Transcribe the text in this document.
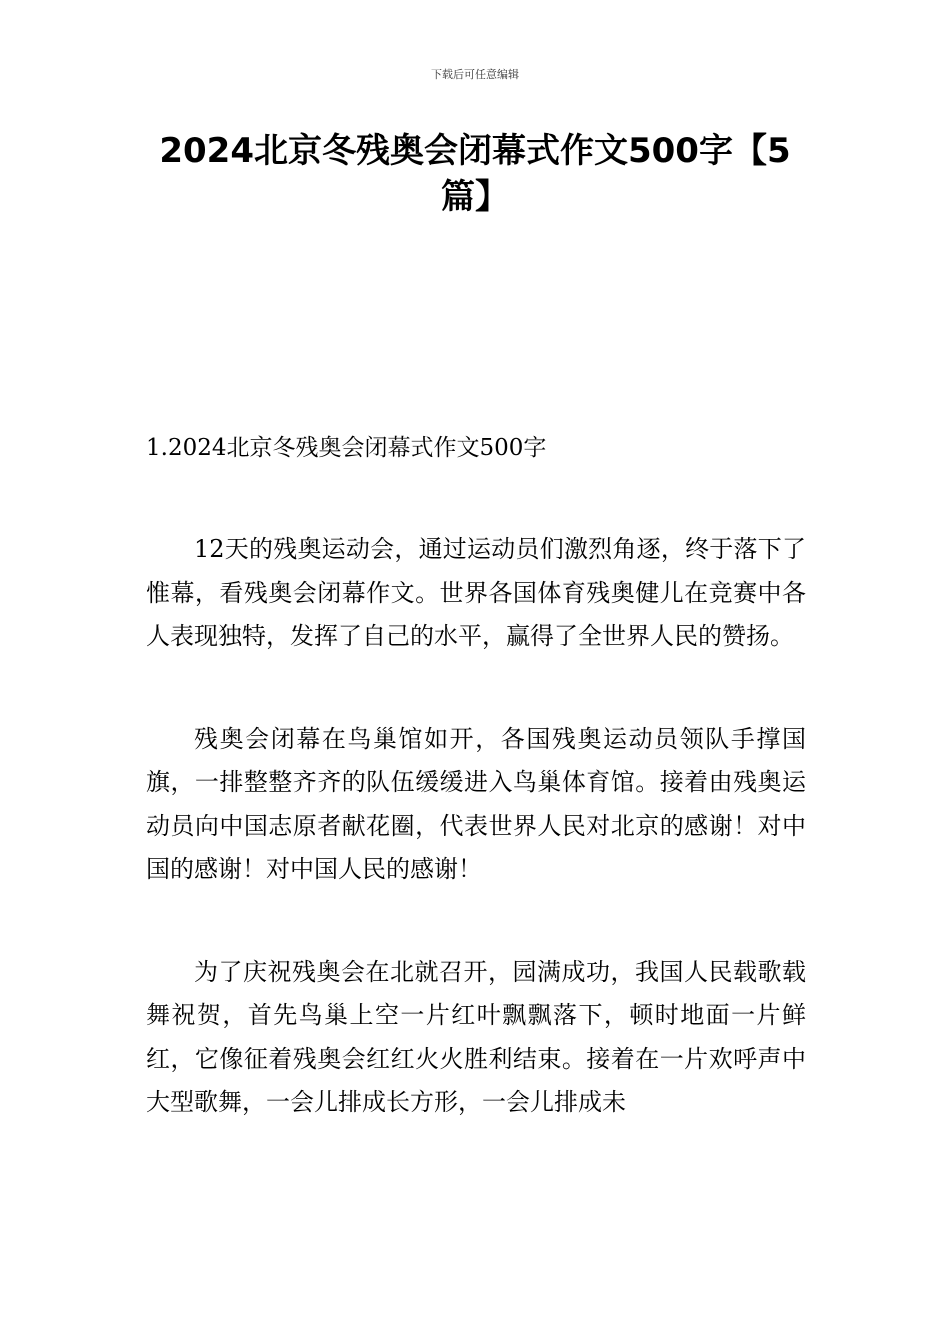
下载后可任意编辑
2024北京冬残奥会闭幕式作文500字【5篇】
1.2024北京冬残奥会闭幕式作文500字

12天的残奥运动会，通过运动员们激烈角逐，终于落下了惟幕，看残奥会闭幕作文。世界各国体育残奥健儿在竞赛中各人表现独特，发挥了自己的水平，赢得了全世界人民的赞扬。

残奥会闭幕在鸟巢馆如开，各国残奥运动员领队手撑国旗，一排整整齐齐的队伍缓缓进入鸟巢体育馆。接着由残奥运动员向中国志原者献花圈，代表世界人民对北京的感谢！对中国的感谢！对中国人民的感谢！

为了庆祝残奥会在北就召开，园满成功，我国人民载歌载舞祝贺，首先鸟巢上空一片红叶飘飘落下，顿时地面一片鲜红，它像征着残奥会红红火火胜利结束。接着在一片欢呼声中大型歌舞，一会儿排成长方形，一会儿排成未
